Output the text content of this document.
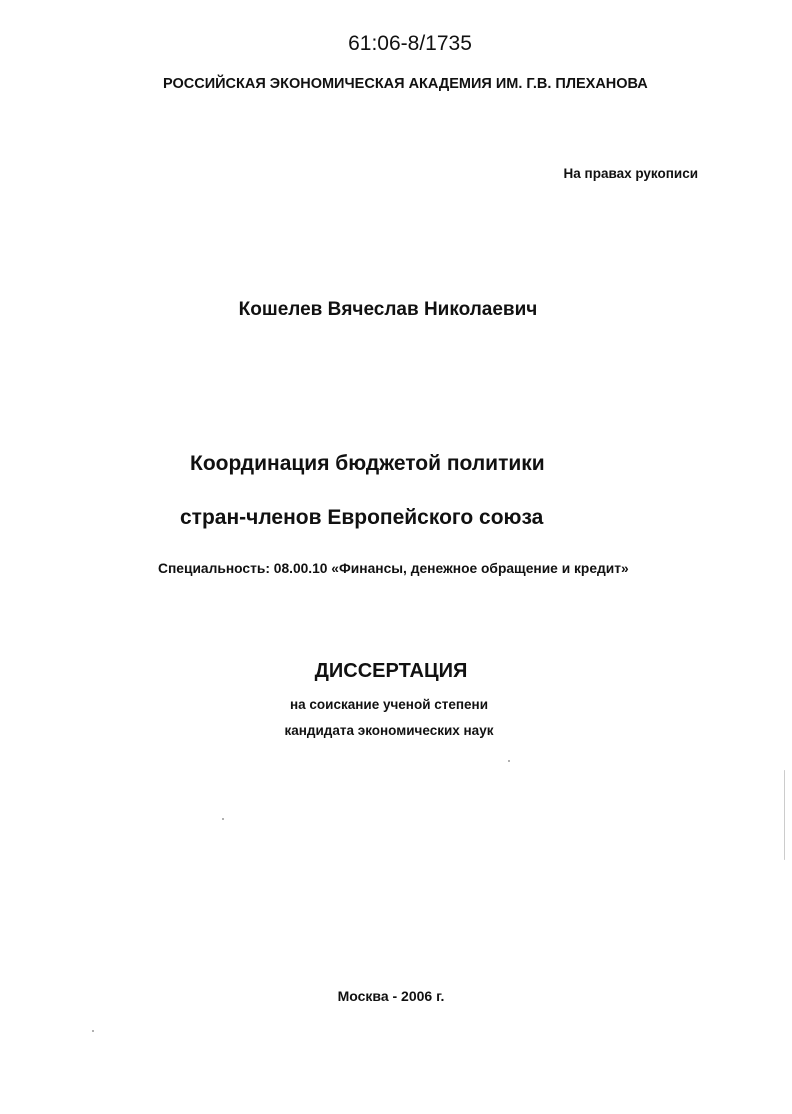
61:06-8/1735
РОССИЙСКАЯ ЭКОНОМИЧЕСКАЯ АКАДЕМИЯ ИМ. Г.В. ПЛЕХАНОВА
На правах рукописи
Кошелев Вячеслав Николаевич
Координация бюджетой политики
стран-членов Европейского союза
Специальность: 08.00.10 «Финансы, денежное обращение и кредит»
ДИССЕРТАЦИЯ
на соискание ученой степени
кандидата экономических наук
Москва - 2006 г.
